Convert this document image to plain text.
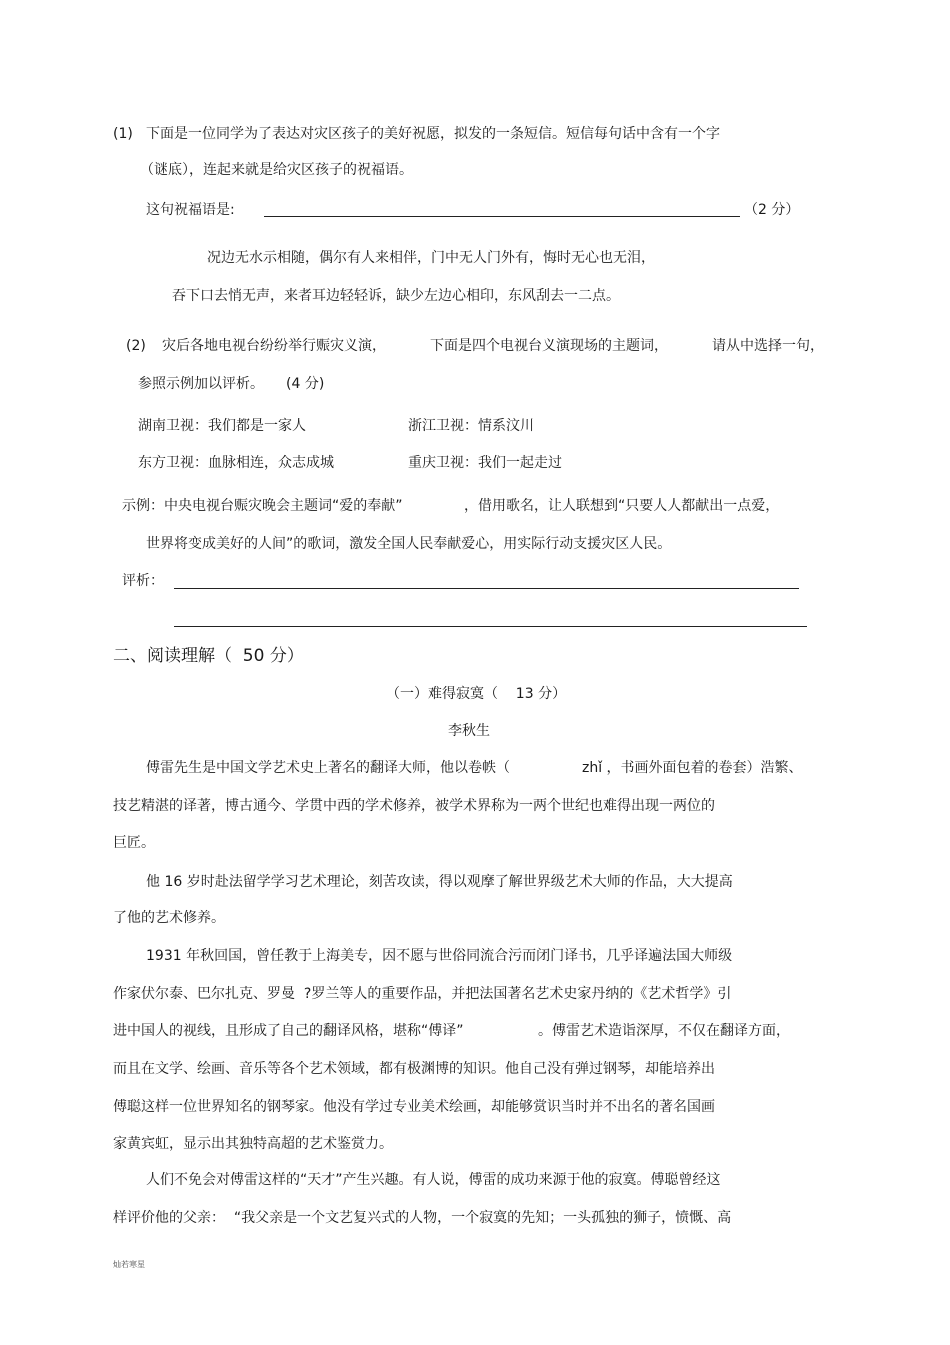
(1) 下面是一位同学为了表达对灾区孩子的美好祝愿，拟发的一条短信。短信每句话中含有一个字
（谜底），连起来就是给灾区孩子的祝福语。
这句祝福语是:	（2 分）
况边无水示相随，偶尔有人来相伴，门中无人门外有，悔时无心也无泪，
吞下口去悄无声，来者耳边轻轻诉，缺少左边心相印，东风刮去一二点。
(2) 灾后各地电视台纷纷举行赈灾义演，	下面是四个电视台义演现场的主题词，	请从中选择一句，
参照示例加以评析。 (4 分)
湖南卫视：我们都是一家人	浙江卫视：情系汶川
东方卫视：血脉相连，众志成城	重庆卫视：我们一起走过
示例：中央电视台赈灾晚会主题词“爱的奉献”	，借用歌名，让人联想到“只要人人都献出一点爱，
世界将变成美好的人间”的歌词，激发全国人民奉献爱心，用实际行动支援灾区人民。
评析：
二、阅读理解（  50 分）
（一）难得寂寞（    13 分）
李秋生
傅雷先生是中国文学艺术史上著名的翻译大师，他以卷帙（	zhǐ ，书画外面包着的卷套）浩繁、
技艺精湛的译著，博古通今、学贯中西的学术修养，被学术界称为一两个世纪也难得出现一两位的
巨匠。
他 16 岁时赴法留学学习艺术理论，刻苦攻读，得以观摩了解世界级艺术大师的作品，大大提高
了他的艺术修养。
1931 年秋回国，曾任教于上海美专，因不愿与世俗同流合污而闭门译书，几乎译遍法国大师级
作家伏尔泰、巴尔扎克、罗曼  ?罗兰等人的重要作品，并把法国著名艺术史家丹纳的《艺术哲学》引
进中国人的视线，且形成了自己的翻译风格，堪称“傅译”	。傅雷艺术造诣深厚，不仅在翻译方面，
而且在文学、绘画、音乐等各个艺术领域，都有极渊博的知识。他自己没有弹过钢琴，却能培养出
傅聪这样一位世界知名的钢琴家。他没有学过专业美术绘画，却能够赏识当时并不出名的著名国画
家黄宾虹，显示出其独特高超的艺术鉴赏力。
人们不免会对傅雷这样的“天才”产生兴趣。有人说，傅雷的成功来源于他的寂寞。傅聪曾经这
样评价他的父亲：  “我父亲是一个文艺复兴式的人物，一个寂寞的先知；一头孤独的狮子，愤慨、高
灿若寒星
